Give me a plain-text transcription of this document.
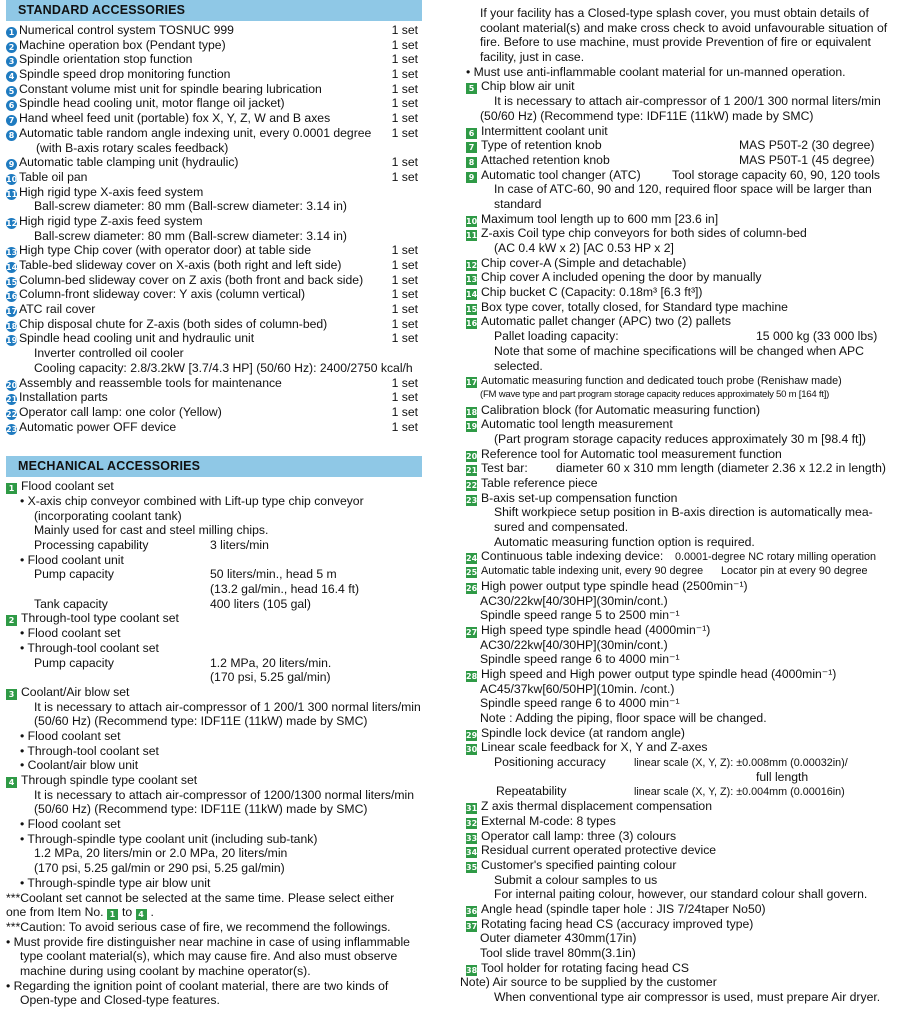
STANDARD ACCESSORIES
1 Numerical control system TOSNUC 999	1 set
2 Machine operation box (Pendant type)	1 set
3 Spindle orientation stop function	1 set
4 Spindle speed drop monitoring function	1 set
5 Constant volume mist unit for spindle bearing lubrication	1 set
6 Spindle head cooling unit, motor flange oil jacket)	1 set
7 Hand wheel feed unit (portable) fox X, Y, Z, W and B axes	1 set
8 Automatic table random angle indexing unit, every 0.0001 degree 1 set
(with B-axis rotary scales feedback)
9 Automatic table clamping unit (hydraulic)	1 set
10 Table oil pan	1 set
11 High rigid type X-axis feed system
Ball-screw diameter: 80 mm (Ball-screw diameter: 3.14 in)
12 High rigid type Z-axis feed system
Ball-screw diameter: 80 mm (Ball-screw diameter: 3.14 in)
13 High type Chip cover (with operator door) at table side	1 set
14 Table-bed slideway cover on X-axis (both right and left side)	1 set
15 Column-bed slideway cover on Z axis (both front and back side) 1 set
16 Column-front slideway cover: Y axis (column vertical)	1 set
17 ATC rail cover	1 set
18 Chip disposal chute for Z-axis (both sides of column-bed)	1 set
19 Spindle head cooling unit and hydraulic unit	1 set
Inverter controlled oil cooler
Cooling capacity: 2.8/3.2kW [3.7/4.3 HP] (50/60 Hz): 2400/2750 kcal/h
20 Assembly and reassemble tools for maintenance	1 set
21 Installation parts	1 set
22 Operator call lamp: one color (Yellow)	1 set
23 Automatic power OFF device	1 set
MECHANICAL ACCESSORIES
1 Flood coolant set
• X-axis chip conveyor combined with Lift-up type chip conveyor
(incorporating coolant tank)
Mainly used for cast and steel milling chips.
Processing capability	3 liters/min
• Flood coolant unit
Pump capacity	50 liters/min., head 5 m
(13.2 gal/min., head 16.4 ft)
Tank capacity	400 liters (105 gal)
2 Through-tool type coolant set
• Flood coolant set
• Through-tool coolant set
Pump capacity	1.2 MPa, 20 liters/min.
(170 psi, 5.25 gal/min)
3 Coolant/Air blow set
It is necessary to attach air-compressor of 1 200/1 300 normal liters/min
(50/60 Hz) (Recommend type: IDF11E (11kW) made by SMC)
• Flood coolant set
• Through-tool coolant set
• Coolant/air blow unit
4 Through spindle type coolant set
It is necessary to attach air-compressor of 1200/1300 normal liters/min
(50/60 Hz) (Recommend type: IDF11E (11kW) made by SMC)
• Flood coolant set
• Through-spindle type coolant unit (including sub-tank)
1.2 MPa, 20 liters/min or 2.0 MPa, 20 liters/min
(170 psi, 5.25 gal/min or 290 psi, 5.25 gal/min)
• Through-spindle type air blow unit
***Coolant set cannot be selected at the same time. Please select either
one from Item No. 1 to 4 .
***Caution: To avoid serious case of fire, we recommend the followings.
• Must provide fire distinguisher near machine in case of using inflammable
type coolant material(s), which may cause fire. And also must observe
machine during using coolant by machine operator(s).
• Regarding the ignition point of coolant material, there are two kinds of
Open-type and Closed-type features.
If your facility has a Closed-type splash cover, you must obtain details of
coolant material(s) and make cross check to avoid unfavourable situation of
fire. Before to use machine, must provide Prevention of fire or equivalent
facility, just in case.
• Must use anti-inflammable coolant material for un-manned operation.
5 Chip blow air unit
It is necessary to attach air-compressor of 1 200/1 300 normal liters/min
(50/60 Hz) (Recommend type: IDF11E (11kW) made by SMC)
6 Intermittent coolant unit
7 Type of retention knob	MAS P50T-2 (30 degree)
8 Attached retention knob	MAS P50T-1 (45 degree)
9 Automatic tool changer (ATC)	Tool storage capacity 60, 90, 120 tools
In case of ATC-60, 90 and 120, required floor space will be larger than
standard
10 Maximum tool length up to 600 mm [23.6 in]
11 Z-axis Coil type chip conveyors for both sides of column-bed
(AC 0.4 kW x 2) [AC 0.53 HP x 2]
12 Chip cover-A (Simple and detachable)
13 Chip cover A included opening the door by manually
14 Chip bucket C (Capacity: 0.18m³ [6.3 ft³])
15 Box type cover, totally closed, for Standard type machine
16 Automatic pallet changer (APC) two (2) pallets
Pallet loading capacity:	15 000 kg (33 000 lbs)
Note that some of machine specifications will be changed when APC
selected.
17 Automatic measuring function and dedicated touch probe (Renishaw made)
(FM wave type and part program storage capacity reduces approximately 50 m [164 ft])
18 Calibration block (for Automatic measuring function)
19 Automatic tool length measurement
(Part program storage capacity reduces approximately 30 m [98.4 ft])
20 Reference tool for Automatic tool measurement function
21 Test bar: diameter 60 x 310 mm length (diameter 2.36 x 12.2 in length)
22 Table reference piece
23 B-axis set-up compensation function
Shift workpiece setup position in B-axis direction is automatically mea-
sured and compensated.
Automatic measuring function option is required.
24 Continuous table indexing device: 0.0001-degree NC rotary milling operation
25 Automatic table indexing unit, every 90 degree Locator pin at every 90 degree
26 High power output type spindle head (2500min⁻¹)
AC30/22kw[40/30HP](30min/cont.)
Spindle speed range 5 to 2500 min⁻¹
27 High speed type spindle head (4000min⁻¹)
AC30/22kw[40/30HP](30min/cont.)
Spindle speed range 6 to 4000 min⁻¹
28 High speed and High power output type spindle head (4000min⁻¹)
AC45/37kw[60/50HP](10min. /cont.)
Spindle speed range 6 to 4000 min⁻¹
Note : Adding the piping, floor space will be changed.
29 Spindle lock device (at random angle)
30 Linear scale feedback for X, Y and Z-axes
Positioning accuracy	linear scale (X, Y, Z): ±0.008mm (0.00032in)/
full length
Repeatability	linear scale (X, Y, Z): ±0.004mm (0.00016in)
31 Z axis thermal displacement compensation
32 External M-code: 8 types
33 Operator call lamp: three (3) colours
34 Residual current operated protective device
35 Customer's specified painting colour
Submit a colour samples to us
For internal paiting colour, however, our standard colour shall govern.
36 Angle head (spindle taper hole : JIS 7/24taper No50)
37 Rotating facing head CS (accuracy improved type)
Outer diameter 430mm(17in)
Tool slide travel 80mm(3.1in)
38 Tool holder for rotating facing head CS
Note) Air source to be supplied by the customer
When conventional type air compressor is used, must prepare Air dryer.
